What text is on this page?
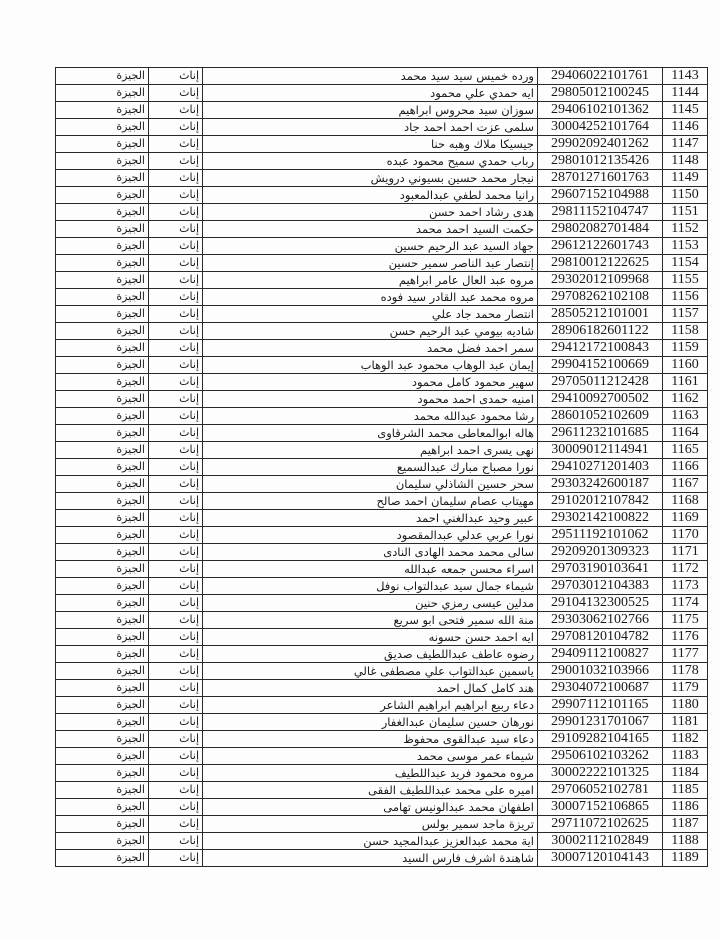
الجيزة	إناث	ورده خميس سيد سيد محمد	29406022101761	1143
الجيزة	إناث	ايه حمدي علي محمود	29805012100245	1144
الجيزة	إناث	سوزان سيد محروس ابراهيم	29406102101362	1145
الجيزة	إناث	سلمى عزت احمد احمد جاد	30004252101764	1146
الجيزة	إناث	جيسيكا ملاك وهبه حنا	29902092401262	1147
الجيزة	إناث	رباب حمدي سميح محمود عبده	29801012135426	1148
الجيزة	إناث	نيجار محمد حسين بسيوني درويش	28701271601763	1149
الجيزة	إناث	رانيا محمد لطفي عبدالمعبود	29607152104988	1150
الجيزة	إناث	هدى رشاد احمد حسن	29811152104747	1151
الجيزة	إناث	حكمت السيد احمد محمد	29802082701484	1152
الجيزة	إناث	جهاد السيد عبد الرحيم حسين	29612122601743	1153
الجيزة	إناث	إنتصار عبد الناصر سمير حسين	29810012122625	1154
الجيزة	إناث	مروه عبد العال عامر ابراهيم	29302012109968	1155
الجيزة	إناث	مروه محمد عبد القادر سيد فوده	29708262102108	1156
الجيزة	إناث	انتصار محمد جاد علي	28505212101001	1157
الجيزة	إناث	شاديه بيومي عبد الرحيم حسن	28906182601122	1158
الجيزة	إناث	سمر احمد فضل محمد	29412172100843	1159
الجيزة	إناث	إيمان عبد الوهاب محمود عبد الوهاب	29904152100669	1160
الجيزة	إناث	سهير محمود كامل محمود	29705011212428	1161
الجيزة	إناث	امنيه حمدى احمد محمود	29410092700502	1162
الجيزة	إناث	رشا محمود عبدالله محمد	28601052102609	1163
الجيزة	إناث	هاله ابوالمعاطى محمد الشرقاوى	29611232101685	1164
الجيزة	إناث	نهى يسرى احمد ابراهيم	30009012114941	1165
الجيزة	إناث	نورا مصباح مبارك عبدالسميع	29410271201403	1166
الجيزة	إناث	سحر حسين الشاذلي سليمان	29303242600187	1167
الجيزة	إناث	مهيتاب عصام سليمان احمد صالح	29102012107842	1168
الجيزة	إناث	عبير وحيد عبدالغني احمد	29302142100822	1169
الجيزة	إناث	نورا عربي عدلي عبدالمقصود	29511192101062	1170
الجيزة	إناث	سالى محمد محمد الهادى النادى	29209201309323	1171
الجيزة	إناث	اسراء محسن جمعه عبدالله	29703190103641	1172
الجيزة	إناث	شيماء جمال سيد عبدالتواب نوفل	29703012104383	1173
الجيزة	إناث	مدلين عيسى رمزي حنين	29104132300525	1174
الجيزة	إناث	منة الله سمير فتحى ابو سريع	29303062102766	1175
الجيزة	إناث	ايه احمد حسن حسونه	29708120104782	1176
الجيزة	إناث	رضوه عاطف عبداللطيف صديق	29409112100827	1177
الجيزة	إناث	ياسمين عبدالتواب علي مصطفى غالي	29001032103966	1178
الجيزة	إناث	هند كامل كمال احمد	29304072100687	1179
الجيزة	إناث	دعاء ربيع ابراهيم ابراهيم الشاعر	29907112101165	1180
الجيزة	إناث	نورهان حسين سليمان عبدالغفار	29901231701067	1181
الجيزة	إناث	دعاء سيد عبدالقوى محفوظ	29109282104165	1182
الجيزة	إناث	شيماء عمر موسى محمد	29506102103262	1183
الجيزة	إناث	مروه محمود فريد عبداللطيف	30002222101325	1184
الجيزة	إناث	اميره على محمد عبداللطيف الفقى	29706052102781	1185
الجيزة	إناث	اطفهان محمد عبدالونيس تهامى	30007152106865	1186
الجيزة	إناث	تريزة ماجد سمير بولس	29711072102625	1187
الجيزة	إناث	اية محمد عبدالعزيز عبدالمجيد حسن	30002112102849	1188
الجيزة	إناث	شاهندة اشرف فارس السيد	30007120104143	1189
